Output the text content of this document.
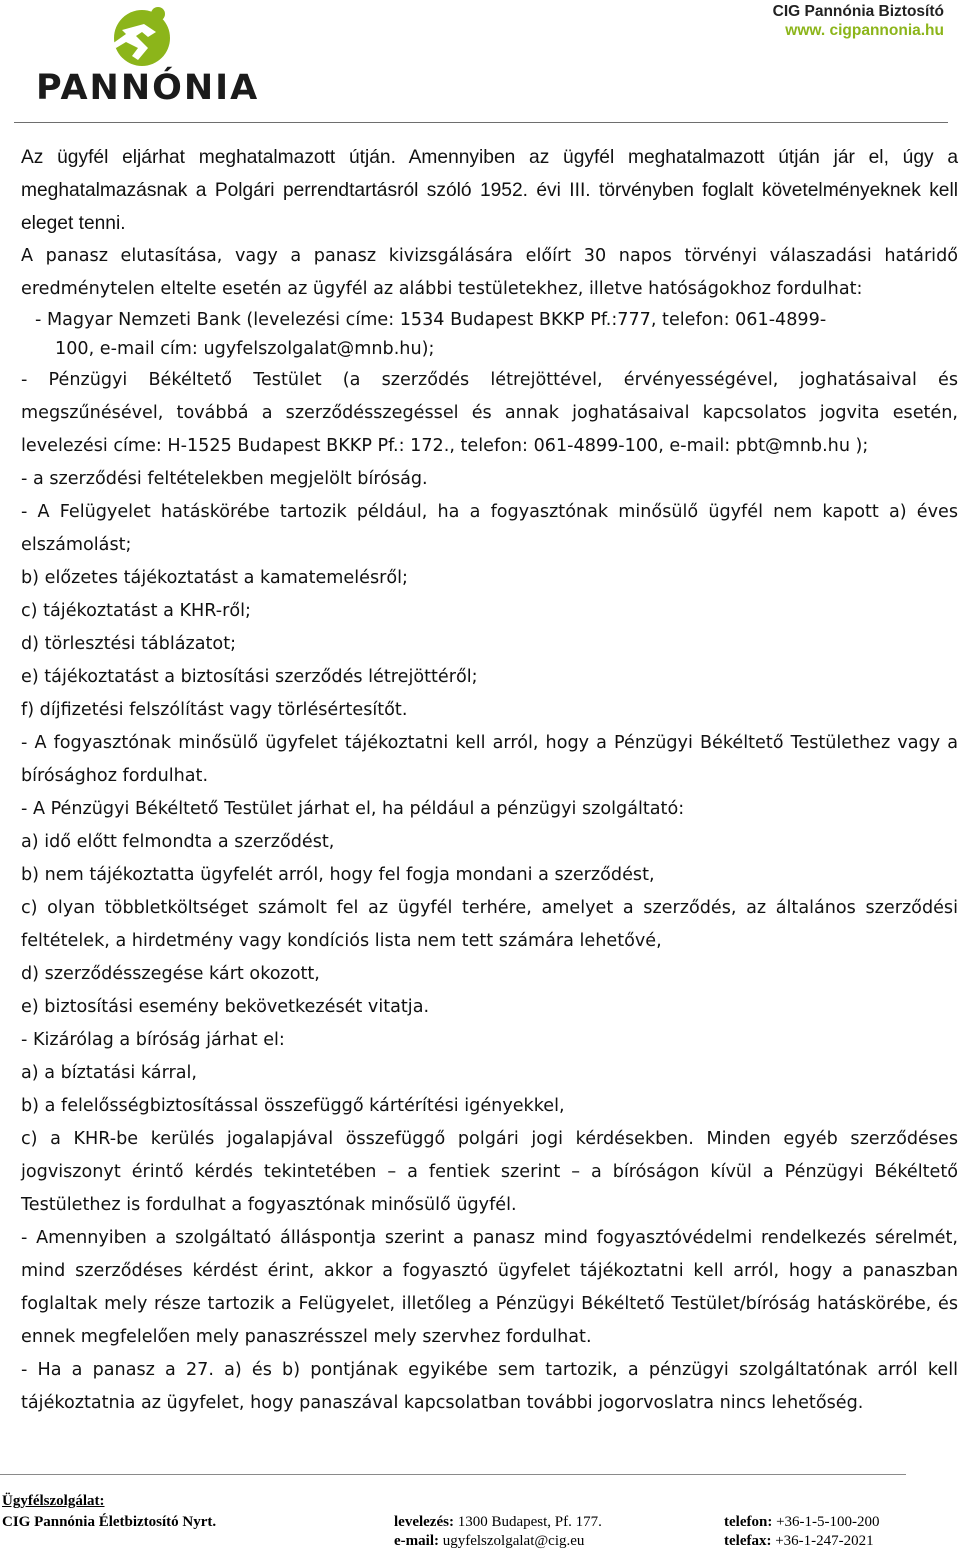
PANNÓNIA
CIG Pannónia Biztosító
www. cigpannonia.hu

Az ügyfél eljárhat meghatalmazott útján. Amennyiben az ügyfél meghatalmazott útján jár el, úgy a meghatalmazásnak a Polgári perrendtartásról szóló 1952. évi III. törvényben foglalt követelményeknek kell eleget tenni.

A panasz elutasítása, vagy a panasz kivizsgálására előírt 30 napos törvényi válaszadási határidő eredménytelen eltelte esetén az ügyfél az alábbi testületekhez, illetve hatóságokhoz fordulhat:

- Magyar Nemzeti Bank (levelezési címe: 1534 Budapest BKKP Pf.:777, telefon: 061-4899-

100, e-mail cím: ugyfelszolgalat@mnb.hu);

- Pénzügyi Békéltető Testület (a szerződés létrejöttével, érvényességével, joghatásaival és megszűnésével, továbbá a szerződésszegéssel és annak joghatásaival kapcsolatos jogvita esetén, levelezési címe: H-1525 Budapest BKKP Pf.: 172., telefon: 061-4899-100, e-mail: pbt@mnb.hu );

- a szerződési feltételekben megjelölt bíróság.

- A Felügyelet hatáskörébe tartozik például, ha a fogyasztónak minősülő ügyfél nem kapott a) éves elszámolást;

b) előzetes tájékoztatást a kamatemelésről;

c) tájékoztatást a KHR-ről;

d) törlesztési táblázatot;

e) tájékoztatást a biztosítási szerződés létrejöttéről;

f) díjfizetési felszólítást vagy törlésértesítőt.

- A fogyasztónak minősülő ügyfelet tájékoztatni kell arról, hogy a Pénzügyi Békéltető Testülethez vagy a bírósághoz fordulhat.

- A Pénzügyi Békéltető Testület járhat el, ha például a pénzügyi szolgáltató:

a) idő előtt felmondta a szerződést,

b) nem tájékoztatta ügyfelét arról, hogy fel fogja mondani a szerződést,

c) olyan többletköltséget számolt fel az ügyfél terhére, amelyet a szerződés, az általános szerződési feltételek, a hirdetmény vagy kondíciós lista nem tett számára lehetővé,

d) szerződésszegése kárt okozott,

e) biztosítási esemény bekövetkezését vitatja.

- Kizárólag a bíróság járhat el:

a) a bíztatási kárral,

b) a felelősségbiztosítással összefüggő kártérítési igényekkel,

c) a KHR-be kerülés jogalapjával összefüggő polgári jogi kérdésekben. Minden egyéb szerződéses jogviszonyt érintő kérdés tekintetében – a fentiek szerint – a bíróságon kívül a Pénzügyi Békéltető Testülethez is fordulhat a fogyasztónak minősülő ügyfél.

- Amennyiben a szolgáltató álláspontja szerint a panasz mind fogyasztóvédelmi rendelkezés sérelmét, mind szerződéses kérdést érint, akkor a fogyasztó ügyfelet tájékoztatni kell arról, hogy a panaszban foglaltak mely része tartozik a Felügyelet, illetőleg a Pénzügyi Békéltető Testület/bíróság hatáskörébe, és ennek megfelelően mely panaszrésszel mely szervhez fordulhat.

- Ha a panasz a 27. a) és b) pontjának egyikébe sem tartozik, a pénzügyi szolgáltatónak arról kell tájékoztatnia az ügyfelet, hogy panaszával kapcsolatban további jogorvoslatra nincs lehetőség.

Ügyfélszolgálat:
CIG Pannónia Életbiztosító Nyrt.	levelezés: 1300 Budapest, Pf. 177.
e-mail: ugyfelszolgalat@cig.eu
telefon: +36-1-5-100-200
telefax: +36-1-247-2021
